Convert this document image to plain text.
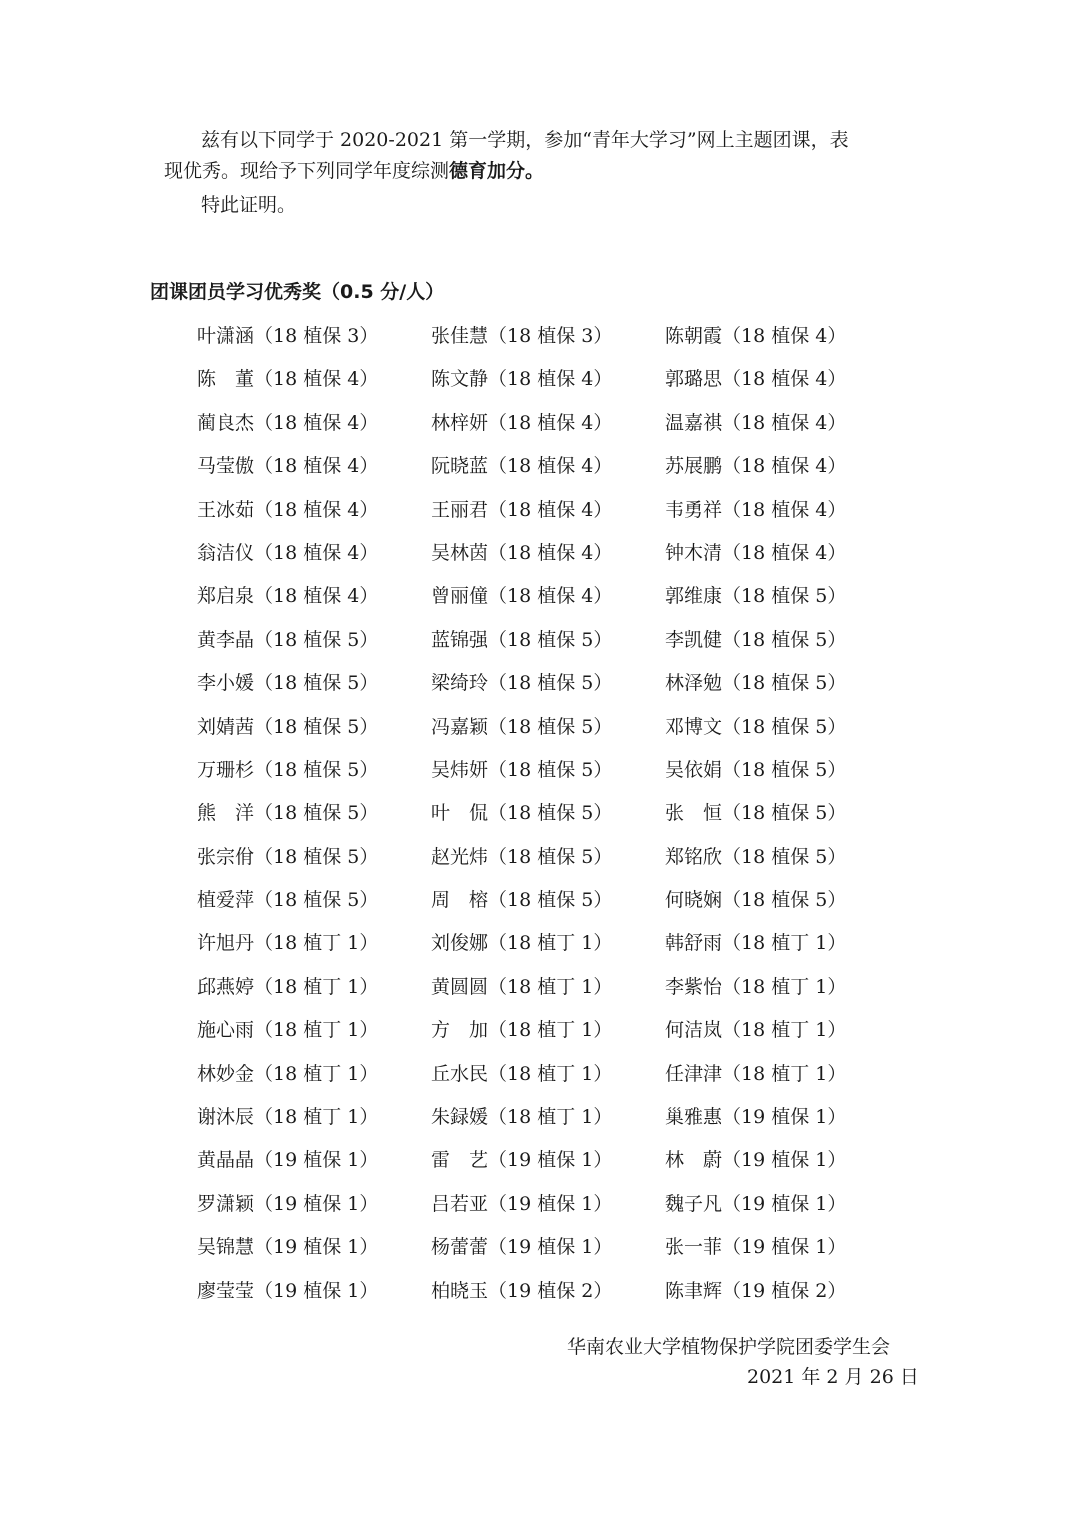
兹有以下同学于 2020-2021 第一学期，参加“青年大学习”网上主题团课，表
现优秀。现给予下列同学年度综测德育加分。
特此证明。
团课团员学习优秀奖（0.5 分/人）
叶潇涵（18 植保 3）	张佳慧（18 植保 3）	陈朝霞（18 植保 4）
陈　董（18 植保 4）	陈文静（18 植保 4）	郭璐思（18 植保 4）
蔺良杰（18 植保 4）	林梓妍（18 植保 4）	温嘉祺（18 植保 4）
马莹傲（18 植保 4）	阮晓蓝（18 植保 4）	苏展鹏（18 植保 4）
王冰茹（18 植保 4）	王丽君（18 植保 4）	韦勇祥（18 植保 4）
翁洁仪（18 植保 4）	吴林茵（18 植保 4）	钟木清（18 植保 4）
郑启泉（18 植保 4）	曾丽僮（18 植保 4）	郭维康（18 植保 5）
黄李晶（18 植保 5）	蓝锦强（18 植保 5）	李凯健（18 植保 5）
李小媛（18 植保 5）	梁绮玲（18 植保 5）	林泽勉（18 植保 5）
刘婧茜（18 植保 5）	冯嘉颖（18 植保 5）	邓博文（18 植保 5）
万珊杉（18 植保 5）	吴炜妍（18 植保 5）	吴依娟（18 植保 5）
熊　洋（18 植保 5）	叶　侃（18 植保 5）	张　恒（18 植保 5）
张宗佾（18 植保 5）	赵光炜（18 植保 5）	郑铭欣（18 植保 5）
植爱萍（18 植保 5）	周　榕（18 植保 5）	何晓娴（18 植保 5）
许旭丹（18 植丁 1）	刘俊娜（18 植丁 1）	韩舒雨（18 植丁 1）
邱燕婷（18 植丁 1）	黄圆圆（18 植丁 1）	李紫怡（18 植丁 1）
施心雨（18 植丁 1）	方　加（18 植丁 1）	何洁岚（18 植丁 1）
林妙金（18 植丁 1）	丘水民（18 植丁 1）	任津津（18 植丁 1）
谢沐辰（18 植丁 1）	朱録媛（18 植丁 1）	巢雅惠（19 植保 1）
黄晶晶（19 植保 1）	雷　艺（19 植保 1）	林　蔚（19 植保 1）
罗潇颖（19 植保 1）	吕若亚（19 植保 1）	魏子凡（19 植保 1）
吴锦慧（19 植保 1）	杨蕾蕾（19 植保 1）	张一菲（19 植保 1）
廖莹莹（19 植保 1）	柏晓玉（19 植保 2）	陈聿辉（19 植保 2）
华南农业大学植物保护学院团委学生会
2021 年 2 月 26 日
